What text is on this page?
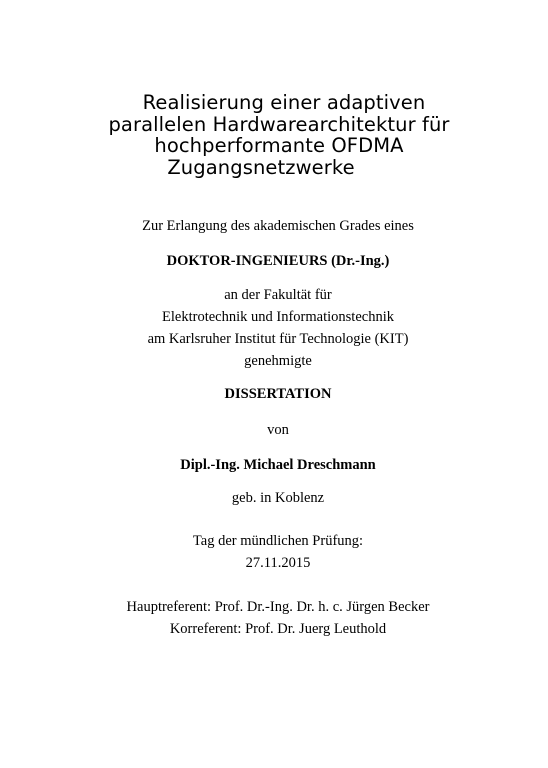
Realisierung einer adaptiven
parallelen Hardwarearchitektur für
hochperformante OFDMA
Zugangsnetzwerke
Zur Erlangung des akademischen Grades eines
DOKTOR-INGENIEURS (Dr.-Ing.)
an der Fakultät für
Elektrotechnik und Informationstechnik
am Karlsruher Institut für Technologie (KIT)
genehmigte
DISSERTATION
von
Dipl.-Ing. Michael Dreschmann
geb. in Koblenz
Tag der mündlichen Prüfung:
27.11.2015
Hauptreferent: Prof. Dr.-Ing. Dr. h. c. Jürgen Becker
Korreferent: Prof. Dr. Juerg Leuthold
